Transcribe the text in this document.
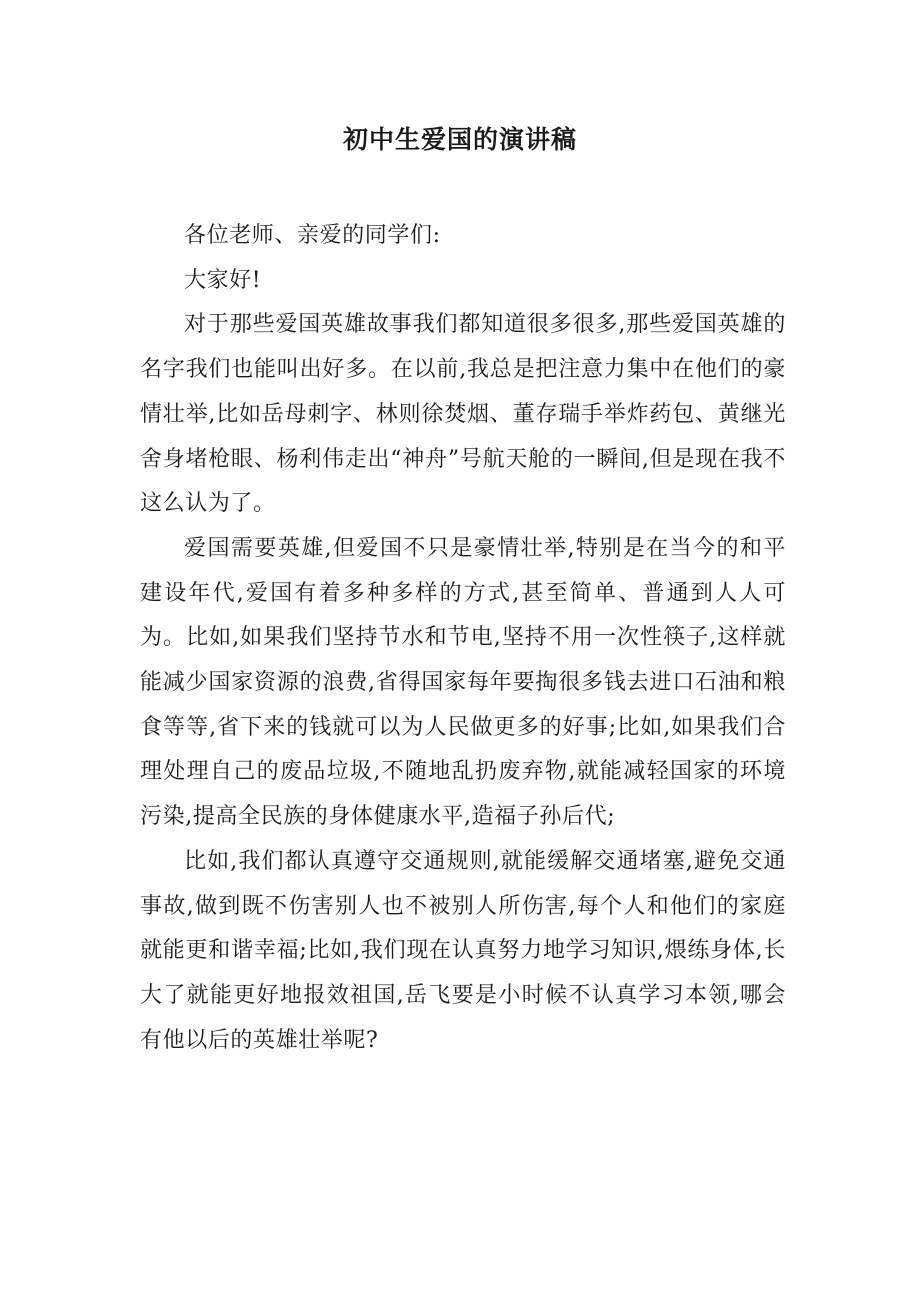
初中生爱国的演讲稿

各位老师、亲爱的同学们:

大家好!

对于那些爱国英雄故事我们都知道很多很多,那些爱国英雄的名字我们也能叫出好多。在以前,我总是把注意力集中在他们的豪情壮举,比如岳母刺字、林则徐焚烟、董存瑞手举炸药包、黄继光舍身堵枪眼、杨利伟走出“神舟”号航天舱的一瞬间,但是现在我不这么认为了。

爱国需要英雄,但爱国不只是豪情壮举,特别是在当今的和平建设年代,爱国有着多种多样的方式,甚至简单、普通到人人可为。比如,如果我们坚持节水和节电,坚持不用一次性筷子,这样就能减少国家资源的浪费,省得国家每年要掏很多钱去进口石油和粮食等等,省下来的钱就可以为人民做更多的好事;比如,如果我们合理处理自己的废品垃圾,不随地乱扔废弃物,就能减轻国家的环境污染,提高全民族的身体健康水平,造福子孙后代;

比如,我们都认真遵守交通规则,就能缓解交通堵塞,避免交通事故,做到既不伤害别人也不被别人所伤害,每个人和他们的家庭就能更和谐幸福;比如,我们现在认真努力地学习知识,煨练身体,长大了就能更好地报效祖国,岳飞要是小时候不认真学习本领,哪会有他以后的英雄壮举呢?
